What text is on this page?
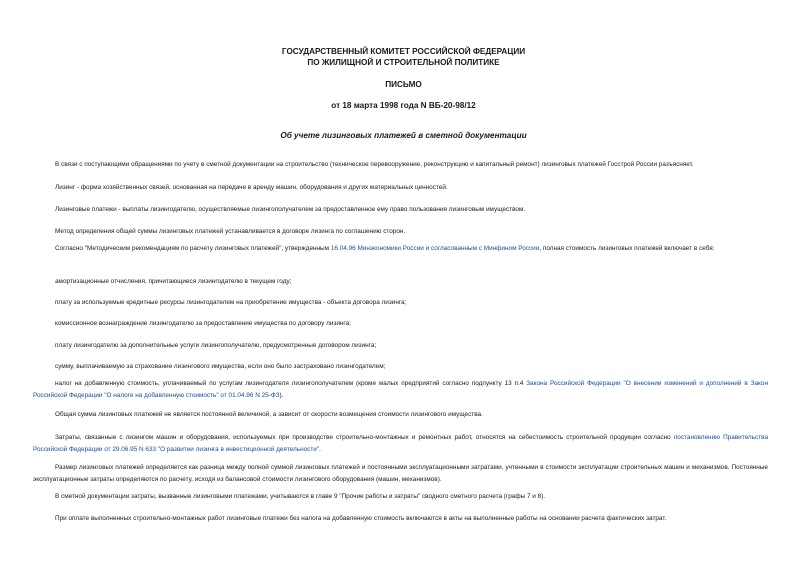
ГОСУДАРСТВЕННЫЙ КОМИТЕТ РОССИЙСКОЙ ФЕДЕРАЦИИ
ПО ЖИЛИЩНОЙ И СТРОИТЕЛЬНОЙ ПОЛИТИКЕ
ПИСЬМО
от 18 марта 1998 года N ВБ-20-98/12
Об учете лизинговых платежей в сметной документации
В связи с поступающими обращениями по учету в сметной документации на строительство (техническое перевооружение, реконструкцию и капитальный ремонт) лизинговых платежей Госстрой России разъясняет.
Лизинг - форма хозяйственных связей, основанная на передаче в аренду машин, оборудования и других материальных ценностей.
Лизинговые платежи - выплаты лизингодателю, осуществляемые лизингополучателем за предоставленное ему право пользования лизинговым имуществом.
Метод определения общей суммы лизинговых платежей устанавливается в договоре лизинга по соглашению сторон.
Согласно "Методическим рекомендациям по расчету лизинговых платежей", утвержденным 16.04.96 Минэкономики России и согласованным с Минфином России, полная стоимость лизинговых платежей включает в себя:
амортизационные отчисления, причитающиеся лизингодателю в текущем году;
плату за используемые кредитные ресурсы лизингодателем на приобретение имущества - объекта договора лизинга;
комиссионное вознаграждение лизингодателю за предоставление имущества по договору лизинга;
плату лизингодателю за дополнительные услуги лизингополучателю, предусмотренные договором лизинга;
сумму, выплачиваемую за страхование лизингового имущества, если оно было застраховано лизингодателем;
налог на добавленную стоимость, уплачиваемый по услугам лизингодателя лизингополучателем (кроме малых предприятий согласно подпункту 13 п.4 Закона Российской Федерации "О внесении изменений и дополнений в Закон Российской Федерации "О налоге на добавленную стоимость" от 01.04.96 N 25-ФЗ).
Общая сумма лизинговых платежей не является постоянной величиной, а зависит от скорости возмещения стоимости лизингового имущества.
Затраты, связанные с лизингом машин и оборудования, используемых при производстве строительно-монтажных и ремонтных работ, относятся на себестоимость строительной продукции согласно постановлению Правительства Российской Федерации от 29.06.95 N 633 "О развитии лизинга в инвестиционной деятельности".
Размер лизинговых платежей определяется как разница между полной суммой лизинговых платежей и постоянными эксплуатационными затратами, учтенными в стоимости эксплуатации строительных машин и механизмов. Постоянные эксплуатационные затраты определяются по расчету, исходя из балансовой стоимости лизингового оборудования (машин, механизмов).
В сметной документации затраты, вызванные лизинговыми платежами, учитываются в главе 9 "Прочие работы и затраты" сводного сметного расчета (графы 7 и 8).
При оплате выполненных строительно-монтажных работ лизинговые платежи без налога на добавленную стоимость включаются в акты на выполненные работы на основании расчета фактических затрат.
